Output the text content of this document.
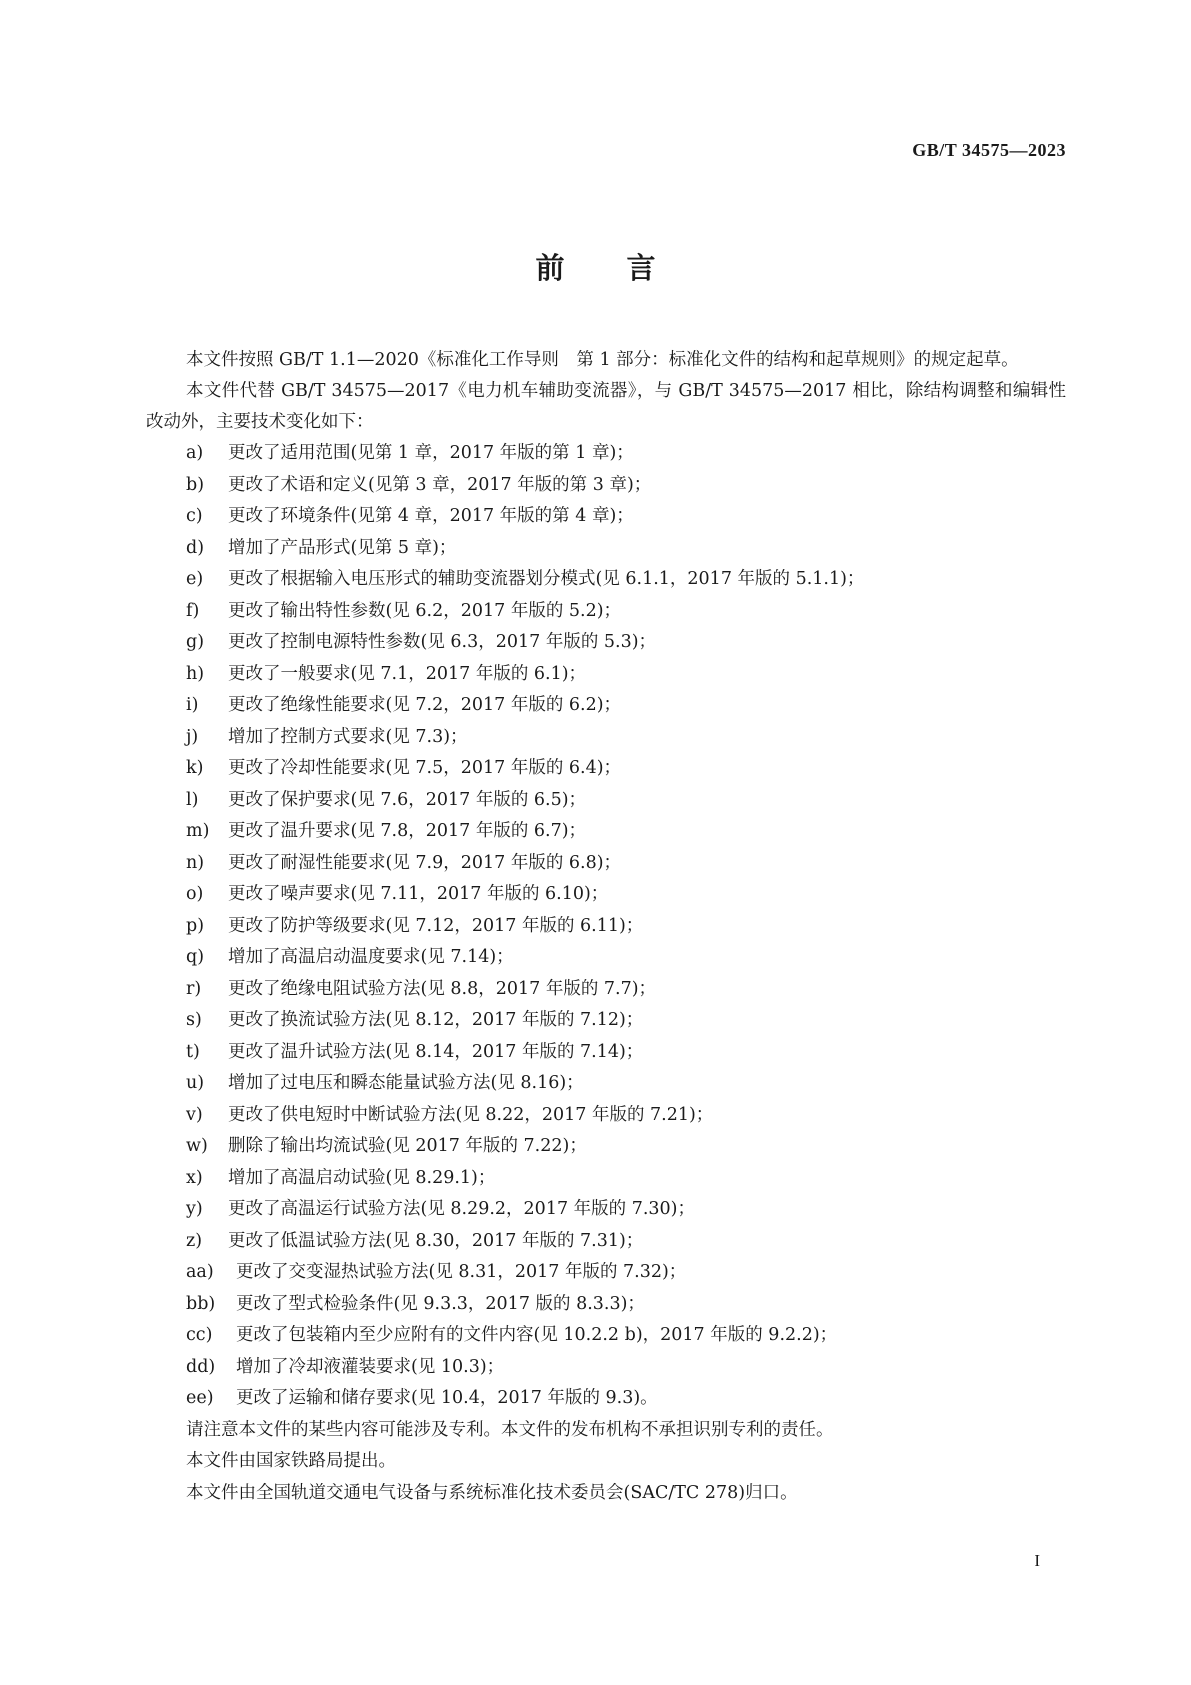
GB/T 34575—2023
前言

本文件按照 GB/T 1.1—2020《标准化工作导则　第 1 部分：标准化文件的结构和起草规则》的规定起草。

本文件代替 GB/T 34575—2017《电力机车辅助变流器》，与 GB/T 34575—2017 相比，除结构调整和编辑性改动外，主要技术变化如下：

a)	更改了适用范围(见第 1 章，2017 年版的第 1 章)；
b)	更改了术语和定义(见第 3 章，2017 年版的第 3 章)；
c)	更改了环境条件(见第 4 章，2017 年版的第 4 章)；
d)	增加了产品形式(见第 5 章)；
e)	更改了根据输入电压形式的辅助变流器划分模式(见 6.1.1，2017 年版的 5.1.1)；
f)	更改了输出特性参数(见 6.2，2017 年版的 5.2)；
g)	更改了控制电源特性参数(见 6.3，2017 年版的 5.3)；
h)	更改了一般要求(见 7.1，2017 年版的 6.1)；
i)	更改了绝缘性能要求(见 7.2，2017 年版的 6.2)；
j)	增加了控制方式要求(见 7.3)；
k)	更改了冷却性能要求(见 7.5，2017 年版的 6.4)；
l)	更改了保护要求(见 7.6，2017 年版的 6.5)；
m)	更改了温升要求(见 7.8，2017 年版的 6.7)；
n)	更改了耐湿性能要求(见 7.9，2017 年版的 6.8)；
o)	更改了噪声要求(见 7.11，2017 年版的 6.10)；
p)	更改了防护等级要求(见 7.12，2017 年版的 6.11)；
q)	增加了高温启动温度要求(见 7.14)；
r)	更改了绝缘电阻试验方法(见 8.8，2017 年版的 7.7)；
s)	更改了换流试验方法(见 8.12，2017 年版的 7.12)；
t)	更改了温升试验方法(见 8.14，2017 年版的 7.14)；
u)	增加了过电压和瞬态能量试验方法(见 8.16)；
v)	更改了供电短时中断试验方法(见 8.22，2017 年版的 7.21)；
w)	删除了输出均流试验(见 2017 年版的 7.22)；
x)	增加了高温启动试验(见 8.29.1)；
y)	更改了高温运行试验方法(见 8.29.2，2017 年版的 7.30)；
z)	更改了低温试验方法(见 8.30，2017 年版的 7.31)；
aa)	更改了交变湿热试验方法(见 8.31，2017 年版的 7.32)；
bb)	更改了型式检验条件(见 9.3.3，2017 版的 8.3.3)；
cc)	更改了包装箱内至少应附有的文件内容(见 10.2.2 b)，2017 年版的 9.2.2)；
dd)	增加了冷却液灌装要求(见 10.3)；
ee)	更改了运输和储存要求(见 10.4，2017 年版的 9.3)。

请注意本文件的某些内容可能涉及专利。本文件的发布机构不承担识别专利的责任。

本文件由国家铁路局提出。

本文件由全国轨道交通电气设备与系统标准化技术委员会(SAC/TC 278)归口。

I
